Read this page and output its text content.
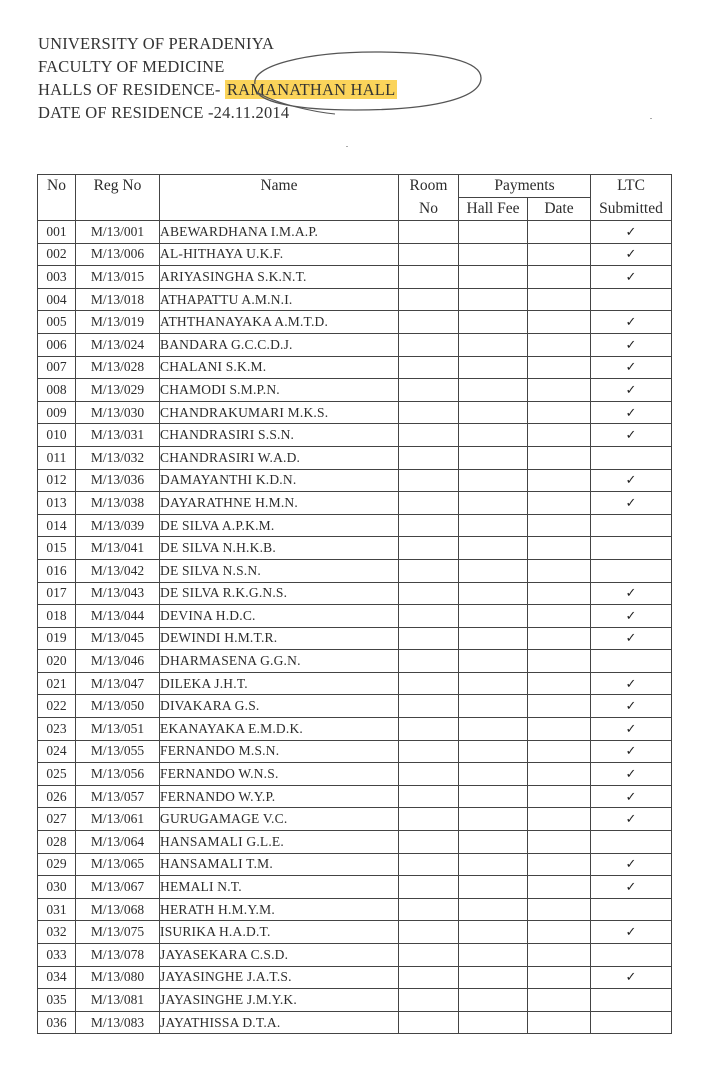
UNIVERSITY OF PERADENIYA
FACULTY OF MEDICINE
HALLS OF RESIDENCE- RAMANATHAN HALL
DATE OF RESIDENCE -24.11.2014
No	Reg No	Name	Room	Payments		LTC
			No	Hall Fee	Date	Submitted
001	M/13/001	ABEWARDHANA I.M.A.P.				✓
002	M/13/006	AL-HITHAYA U.K.F.				✓
003	M/13/015	ARIYASINGHA S.K.N.T.				✓
004	M/13/018	ATHAPATTU A.M.N.I.				
005	M/13/019	ATHTHANAYAKA A.M.T.D.				✓
006	M/13/024	BANDARA G.C.C.D.J.				✓
007	M/13/028	CHALANI S.K.M.				✓
008	M/13/029	CHAMODI S.M.P.N.				✓
009	M/13/030	CHANDRAKUMARI M.K.S.				✓
010	M/13/031	CHANDRASIRI S.S.N.				✓
011	M/13/032	CHANDRASIRI W.A.D.				
012	M/13/036	DAMAYANTHI K.D.N.				✓
013	M/13/038	DAYARATHNE H.M.N.				✓
014	M/13/039	DE SILVA A.P.K.M.				
015	M/13/041	DE SILVA N.H.K.B.				
016	M/13/042	DE SILVA N.S.N.				
017	M/13/043	DE SILVA R.K.G.N.S.				✓
018	M/13/044	DEVINA H.D.C.				✓
019	M/13/045	DEWINDI H.M.T.R.				✓
020	M/13/046	DHARMASENA G.G.N.				
021	M/13/047	DILEKA J.H.T.				✓
022	M/13/050	DIVAKARA G.S.				✓
023	M/13/051	EKANAYAKA E.M.D.K.				✓
024	M/13/055	FERNANDO M.S.N.				✓
025	M/13/056	FERNANDO W.N.S.				✓
026	M/13/057	FERNANDO W.Y.P.				✓
027	M/13/061	GURUGAMAGE V.C.				✓
028	M/13/064	HANSAMALI G.L.E.				
029	M/13/065	HANSAMALI T.M.				✓
030	M/13/067	HEMALI N.T.				✓
031	M/13/068	HERATH H.M.Y.M.				
032	M/13/075	ISURIKA H.A.D.T.				✓
033	M/13/078	JAYASEKARA C.S.D.				
034	M/13/080	JAYASINGHE J.A.T.S.				✓
035	M/13/081	JAYASINGHE J.M.Y.K.				
036	M/13/083	JAYATHISSA D.T.A.				
